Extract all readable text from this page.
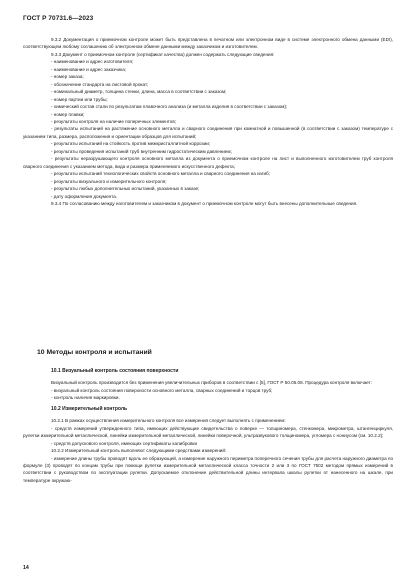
ГОСТ Р 70731.6—2023

9.3.2 Документация о приемочном контроле может быть представлена в печатном или электронном виде в системе электронного обмена данными (EDI), соответствующем любому соглашению об электронном обмене данными между заказчиком и изготовителем.

9.3.3 Документ о приемочном контроле (сертификат качества) должен содержать следующие сведения:

- наименование и адрес изготовителя;

- наименование и адрес заказчика;

- номер заказа;

- обозначение стандарта на листовой прокат;

- номинальный диаметр, толщина стенки, длина, масса в соответствии с заказом;

- номер партии или трубы;

- химический состав стали по результатам плавочного анализа (и металла изделия в соответствии с заказом);

- номер плавки;

- результаты контроля на наличие поперечных элементов;

- результаты испытаний на растяжение основного металла и сварного соединения при комнатной и повышенной (в соответствии с заказом) температуре с указанием типа, размера, расположения и ориентации образцов для испытаний;

- результаты испытаний на стойкость против межкристаллитной коррозии;

- результаты проведения испытаний труб внутренним гидростатическим давлением;

- результаты неразрушающего контроля основного металла из документа о приемочном контроле на лист и выполненного изготовителем труб контроля сварного соединения с указанием метода, вида и размера применяемого искусственного дефекта;

- результаты испытаний технологических свойств основного металла и сварного соединения на изгиб;

- результаты визуального и измерительного контроля;

- результаты любых дополнительных испытаний, указанных в заказе;

- дату оформления документа.

9.3.4 По согласованию между изготовителем и заказчиком в документ о приемочном контроле могут быть внесены дополнительные сведения.

10 Методы контроля и испытаний
10.1 Визуальный контроль состояния поверхности

Визуальный контроль производится без применения увеличительных приборов в соответствии с [5], ГОСТ Р 50.05.08. Процедура контроля включает:

- визуальный контроль состояния поверхности основного металла, сварных соединений и торцов труб;

- контроль наличия маркировки.

10.2 Измерительный контроль

10.2.1 В рамках осуществления измерительного контроля все измерения следует выполнять с применением:

- средств измерений утвержденного типа, имеющих действующие свидетельства о поверке — толщиномера, стенкомера, микрометра, штангенциркуля, рулетки измерительной металлической, линейки измерительной металлической, линейки поверочной, ультразвукового толщиномера, угломера с нониусом (см. 10.2.2);

- средств допускового контроля, имеющих сертификаты калибровки

10.2.2 Измерительный контроль выполняют следующими средствами измерений:

- измерение длины трубы проводят вдоль ее образующей, а измерение наружного периметра поперечного сечения трубы для расчета наружного диаметра по формуле (3) проводят по концам трубы при помощи рулетки измерительной металлической класса точности 2 или 3 по ГОСТ 7502 методом прямых измерений в соответствии с руководством по эксплуатации рулетки. Допускаемое отклонение действительной длины интервала шкалы рулетки от нанесенного на шкале, при температуре окружаю-

14
